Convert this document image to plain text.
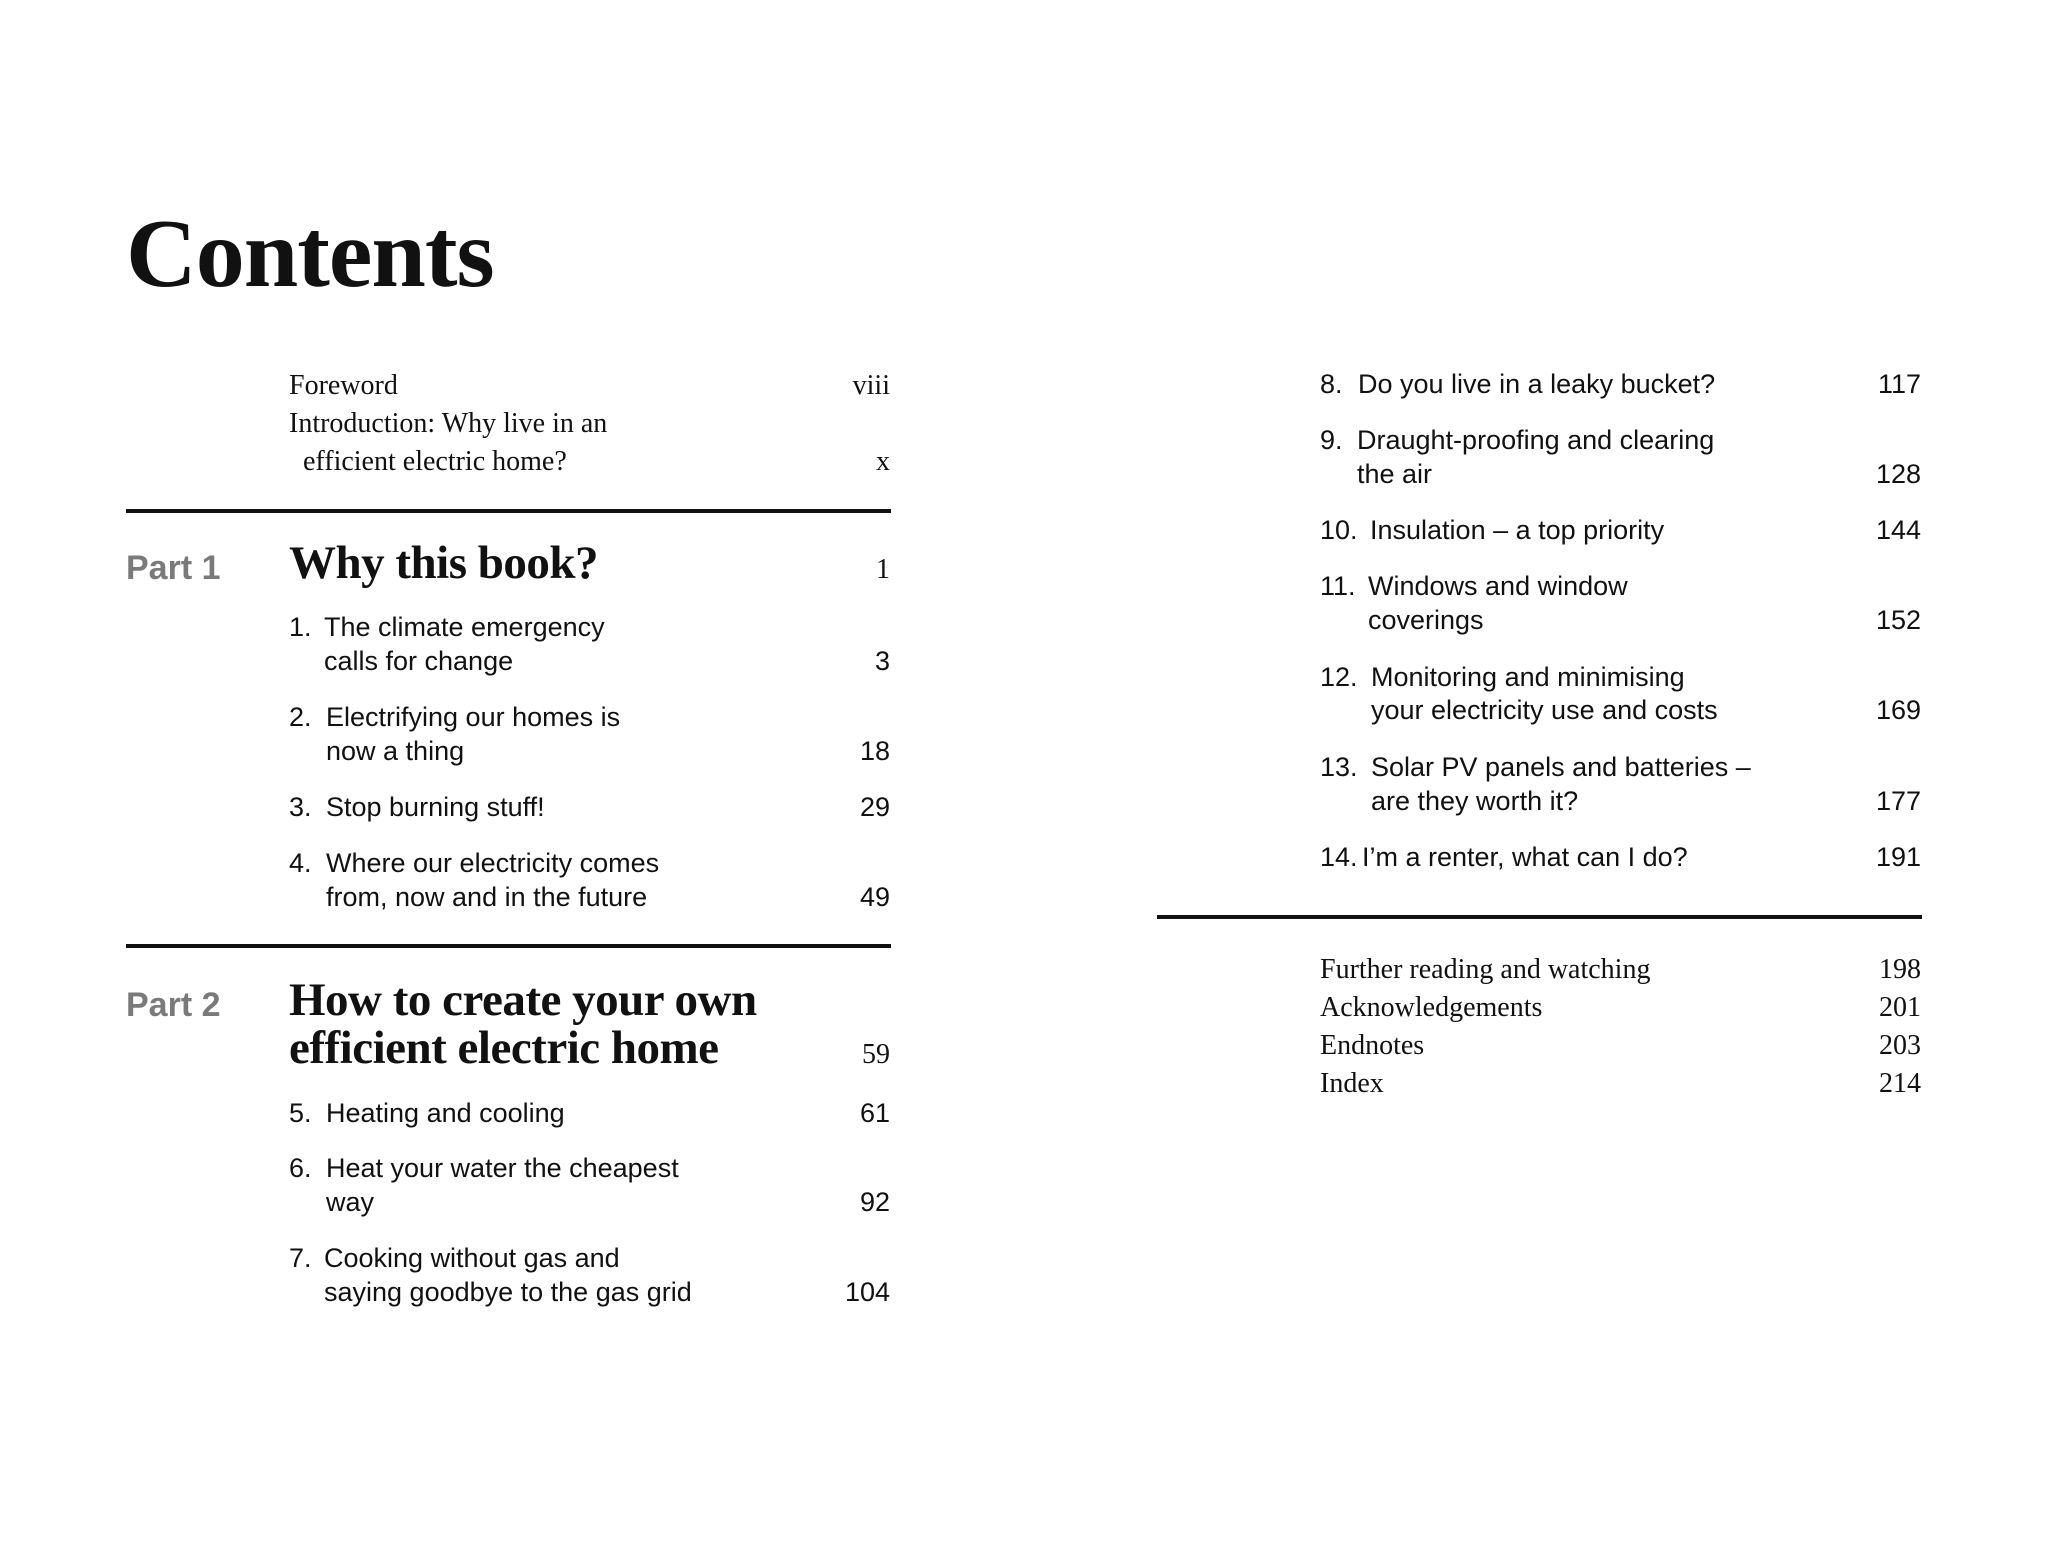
Contents
Foreword	viii
Introduction: Why live in an
efficient electric home?	x
Part 1 Why this book?	1
1. The climate emergency
calls for change	3
2. Electrifying our homes is
now a thing	18
3. Stop burning stuff!	29
4. Where our electricity comes
from, now and in the future	49
Part 2 How to create your own
efficient electric home	59
5. Heating and cooling	61
6. Heat your water the cheapest
way	92
7. Cooking without gas and
saying goodbye to the gas grid	104
8. Do you live in a leaky bucket?	117
9. Draught-proofing and clearing
the air	128
10. Insulation – a top priority	144
11. Windows and window
coverings	152
12. Monitoring and minimising
your electricity use and costs	169
13. Solar PV panels and batteries –
are they worth it?	177
14. I’m a renter, what can I do?	191
Further reading and watching	198
Acknowledgements	201
Endnotes	203
Index	214
